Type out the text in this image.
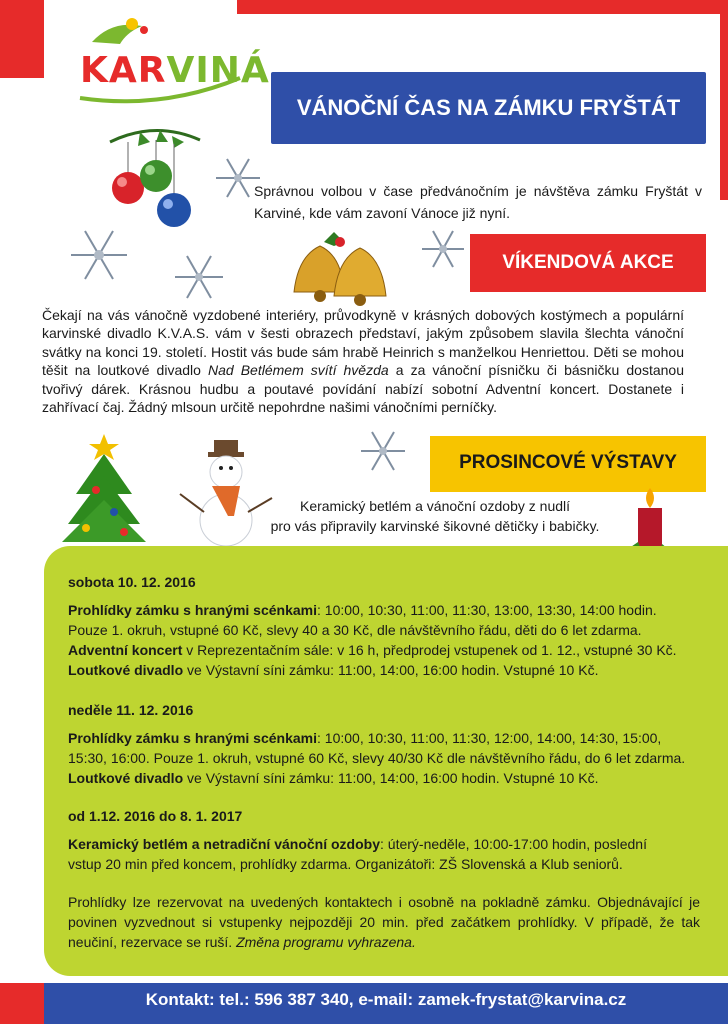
KARVINÁ
VÁNOČNÍ ČAS NA ZÁMKU FRYŠTÁT
Správnou volbou v čase předvánočním je návštěva zámku Fryštát v Karviné, kde vám zavoní Vánoce již nyní.
VÍKENDOVÁ AKCE
Čekají na vás vánočně vyzdobené interiéry, průvodkyně v krásných dobových kostýmech a populární karvinské divadlo K.V.A.S. vám v šesti obrazech představí, jakým způsobem slavila šlechta vánoční svátky na konci 19. století. Hostit vás bude sám hrabě Heinrich s manželkou Henriettou. Děti se mohou těšit na loutkové divadlo Nad Betlémem svítí hvězda a za vánoční písničku či básničku dostanou tvořivý dárek. Krásnou hudbu a poutavé povídání nabízí sobotní Adventní koncert. Dostanete i zahřívací čaj. Žádný mlsoun určitě nepohrdne našimi vánočními perníčky.
PROSINCOVÉ VÝSTAVY
Keramický betlém a vánoční ozdoby z nudlí
pro vás připravily karvinské šikovné dětičky i babičky.
sobota 10. 12. 2016
Prohlídky zámku s hranými scénkami: 10:00, 10:30, 11:00, 11:30, 13:00, 13:30, 14:00 hodin.
Pouze 1. okruh, vstupné 60 Kč, slevy 40 a 30 Kč, dle návštěvního řádu, děti do 6 let zdarma.
Adventní koncert v Reprezentačním sále: v 16 h, předprodej vstupenek od 1. 12., vstupné 30 Kč.
Loutkové divadlo ve Výstavní síni zámku: 11:00, 14:00, 16:00 hodin. Vstupné 10 Kč.
neděle 11. 12. 2016
Prohlídky zámku s hranými scénkami: 10:00, 10:30, 11:00, 11:30, 12:00, 14:00, 14:30, 15:00,
15:30, 16:00. Pouze 1. okruh, vstupné 60 Kč, slevy 40/30 Kč dle návštěvního řádu, do 6 let zdarma.
Loutkové divadlo ve Výstavní síni zámku: 11:00, 14:00, 16:00 hodin. Vstupné 10 Kč.
od 1.12. 2016 do 8. 1. 2017
Keramický betlém a netradiční vánoční ozdoby: úterý-neděle, 10:00-17:00 hodin, poslední
vstup 20 min před koncem, prohlídky zdarma. Organizátoři: ZŠ Slovenská a Klub seniorů.
Prohlídky lze rezervovat na uvedených kontaktech i osobně na pokladně zámku. Objednávající je povinen vyzvednout si vstupenky nejpozději 20 min. před začátkem prohlídky. V případě, že tak neučiní, rezervace se ruší. Změna programu vyhrazena.
Kontakt: tel.: 596 387 340, e-mail: zamek-frystat@karvina.cz
